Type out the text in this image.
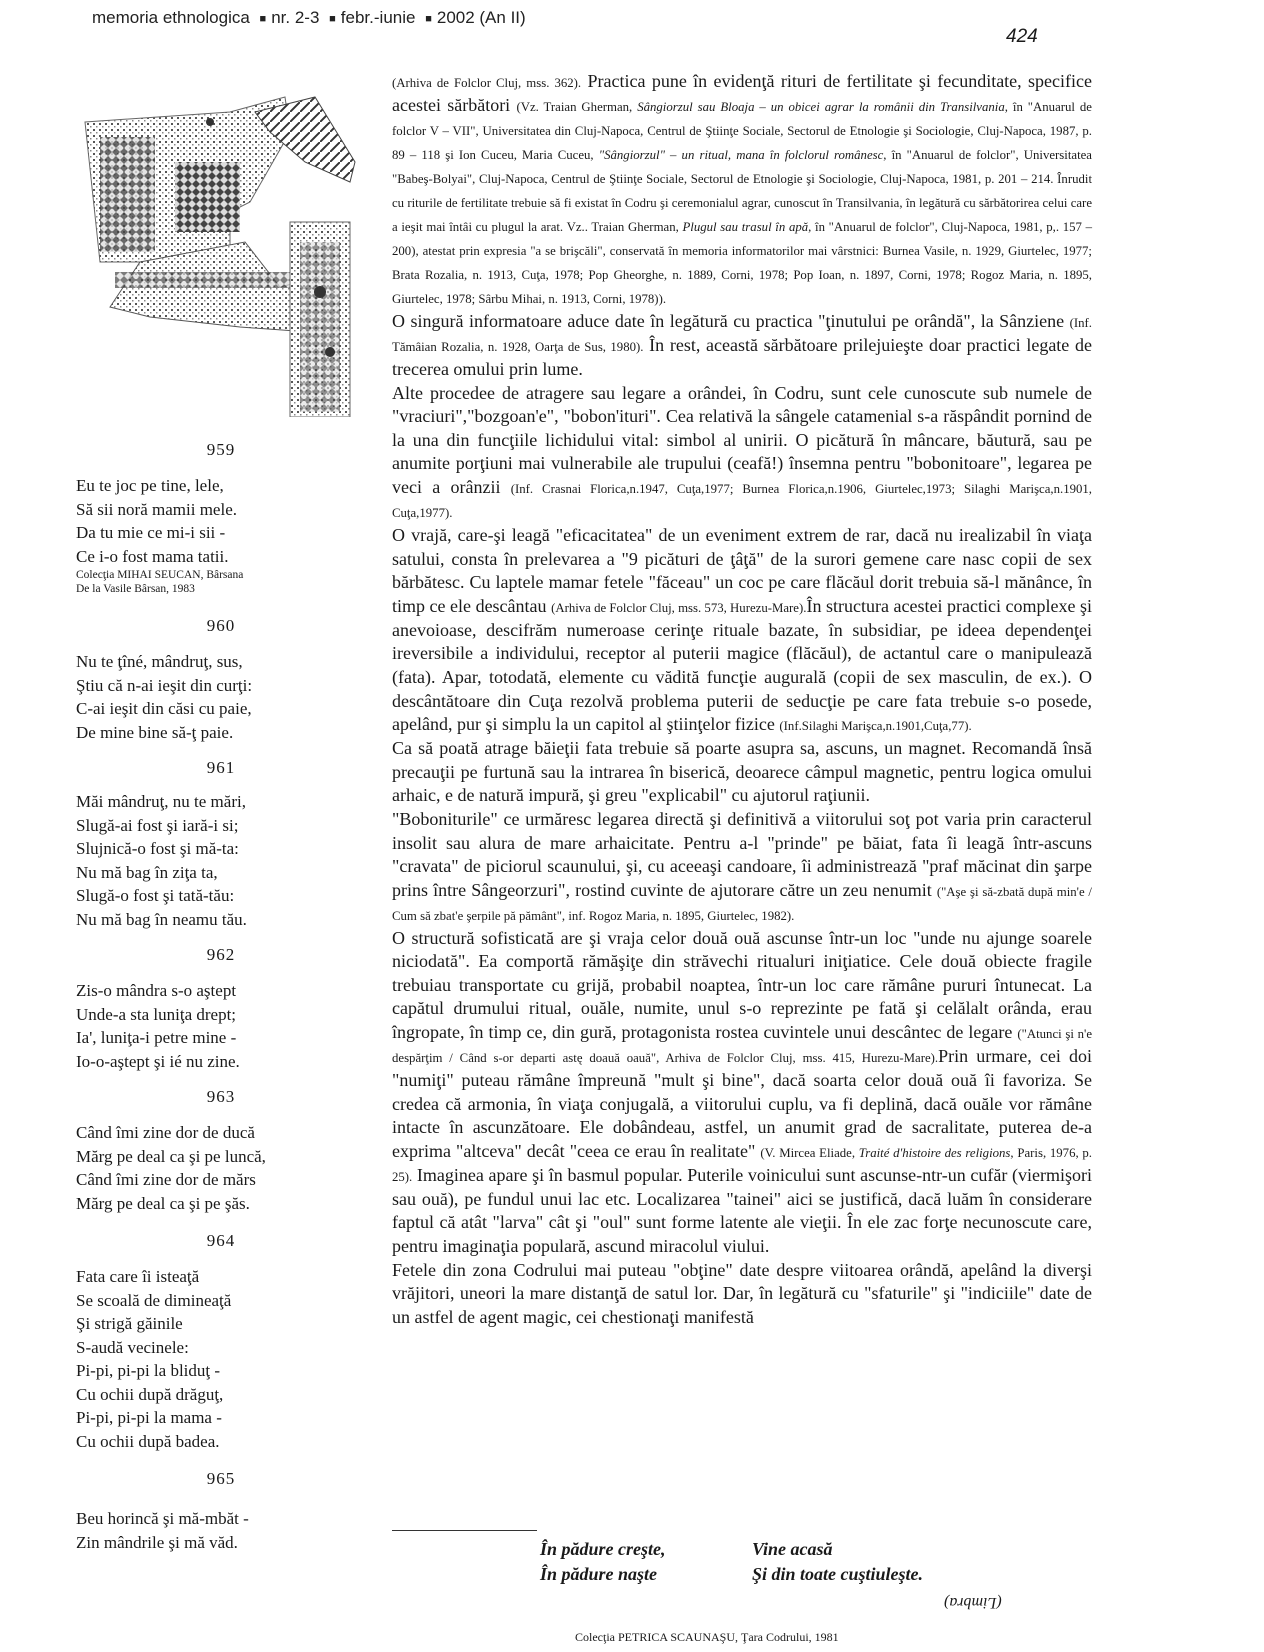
memoria ethnologica ■ nr. 2-3 ■ febr.-iunie ■ 2002 (An II)
424
959
Eu te joc pe tine, lele,
Să sii noră mamii mele.
Da tu mie ce mi-i sii -
Ce i-o fost mama tatii.
Colecţia MIHAI SEUCAN, Bârsana
De la Vasile Bârsan, 1983
960
Nu te ţîné, mândruţ, sus,
Ştiu că n-ai ieşit din curţi:
C-ai ieşit din căsi cu paie,
De mine bine să-ţ paie.
961
Măi mândruţ, nu te mări,
Slugă-ai fost şi iară-i si;
Slujnică-o fost şi mă-ta:
Nu mă bag în ziţa ta,
Slugă-o fost şi tată-tău:
Nu mă bag în neamu tău.
962
Zis-o mândra s-o aştept
Unde-a sta luniţa drept;
Ia', luniţa-i petre mine -
Io-o-aştept şi ié nu zine.
963
Când îmi zine dor de ducă
Mărg pe deal ca şi pe luncă,
Când îmi zine dor de mărs
Mărg pe deal ca şi pe şăs.
964
Fata care îi isteaţă
Se scoală de dimineaţă
Şi strigă găinile
S-audă vecinele:
Pi-pi, pi-pi la bliduţ -
Cu ochii după drăguţ,
Pi-pi, pi-pi la mama -
Cu ochii după badea.
965
Beu horincă şi mă-mbăt -
Zin mândrile şi mă văd.

(Arhiva de Folclor Cluj, mss. 362). Practica pune în evidenţă rituri de fertilitate şi fecunditate, specifice acestei sărbători (Vz. Traian Gherman, Sângiorzul sau Bloaja – un obicei agrar la românii din Transilvania, în "Anuarul de folclor V – VII", Universitatea din Cluj-Napoca, Centrul de Ştiinţe Sociale, Sectorul de Etnologie şi Sociologie, Cluj-Napoca, 1987, p. 89 – 118 şi Ion Cuceu, Maria Cuceu, "Sângiorzul" – un ritual, mana în folclorul românesc, în "Anuarul de folclor", Universitatea "Babeş-Bolyai", Cluj-Napoca, Centrul de Ştiinţe Sociale, Sectorul de Etnologie şi Sociologie, Cluj-Napoca, 1981, p. 201 – 214. Înrudit cu riturile de fertilitate trebuie să fi existat în Codru şi ceremonialul agrar, cunoscut în Transilvania, în legătură cu sărbătorirea celui care a ieşit mai întâi cu plugul la arat. Vz.. Traian Gherman, Plugul sau trasul în apă, în "Anuarul de folclor", Cluj-Napoca, 1981, p,. 157 – 200), atestat prin expresia "a se brişcăli", conservată în memoria informatorilor mai vârstnici: Burnea Vasile, n. 1929, Giurtelec, 1977; Brata Rozalia, n. 1913, Cuţa, 1978; Pop Gheorghe, n. 1889, Corni, 1978; Pop Ioan, n. 1897, Corni, 1978; Rogoz Maria, n. 1895, Giurtelec, 1978; Sârbu Mihai, n. 1913, Corni, 1978)).

O singură informatoare aduce date în legătură cu practica "ţinutului pe orândă", la Sânziene (Inf. Tămâian Rozalia, n. 1928, Oarţa de Sus, 1980). În rest, această sărbătoare prilejuieşte doar practici legate de trecerea omului prin lume.

Alte procedee de atragere sau legare a orândei, în Codru, sunt cele cunoscute sub numele de "vraciuri","bozgoan'e", "bobon'ituri". Cea relativă la sângele catamenial s-a răspândit pornind de la una din funcţiile lichidului vital: simbol al unirii. O picătură în mâncare, băutură, sau pe anumite porţiuni mai vulnerabile ale trupului (ceafă!) însemna pentru "bobonitoare", legarea pe veci a orânzii (Inf. Crasnai Florica,n.1947, Cuţa,1977; Burnea Florica,n.1906, Giurtelec,1973; Silaghi Marişca,n.1901, Cuţa,1977).

O vrajă, care-şi leagă "eficacitatea" de un eveniment extrem de rar, dacă nu irealizabil în viaţa satului, consta în prelevarea a "9 picături de ţâţă" de la surori gemene care nasc copii de sex bărbătesc. Cu laptele mamar fetele "făceau" un coc pe care flăcăul dorit trebuia să-l mănânce, în timp ce ele descântau (Arhiva de Folclor Cluj, mss. 573, Hurezu-Mare).În structura acestei practici complexe şi anevoioase, descifrăm numeroase cerinţe rituale bazate, în subsidiar, pe ideea dependenţei ireversibile a individului, receptor al puterii magice (flăcăul), de actantul care o manipulează (fata). Apar, totodată, elemente cu vădită funcţie augurală (copii de sex masculin, de ex.). O descântătoare din Cuţa rezolvă problema puterii de seducţie pe care fata trebuie s-o posede, apelând, pur şi simplu la un capitol al ştiinţelor fizice (Inf.Silaghi Marişca,n.1901,Cuţa,77).

Ca să poată atrage băieţii fata trebuie să poarte asupra sa, ascuns, un magnet. Recomandă însă precauţii pe furtună sau la intrarea în biserică, deoarece câmpul magnetic, pentru logica omului arhaic, e de natură impură, şi greu "explicabil" cu ajutorul raţiunii.

"Boboniturile" ce urmăresc legarea directă şi definitivă a viitorului soţ pot varia prin caracterul insolit sau alura de mare arhaicitate. Pentru a-l "prinde" pe băiat, fata îi leagă într-ascuns "cravata" de piciorul scaunului, şi, cu aceeaşi candoare, îi administrează "praf măcinat din şarpe prins între Sângeorzuri", rostind cuvinte de ajutorare către un zeu nenumit ("Aşe şi să-zbată după min'e / Cum să zbat'e şerpile pă pământ", inf. Rogoz Maria, n. 1895, Giurtelec, 1982).

O structură sofisticată are şi vraja celor două ouă ascunse într-un loc "unde nu ajunge soarele niciodată". Ea comportă rămăşiţe din străvechi ritualuri iniţiatice. Cele două obiecte fragile trebuiau transportate cu grijă, probabil noaptea, într-un loc care rămâne pururi întunecat. La capătul drumului ritual, ouăle, numite, unul s-o reprezinte pe fată şi celălalt orânda, erau îngropate, în timp ce, din gură, protagonista rostea cuvintele unui descântec de legare ("Atunci şi n'e despărţim / Când s-or departi astę doauă oauă", Arhiva de Folclor Cluj, mss. 415, Hurezu-Mare).Prin urmare, cei doi "numiţi" puteau rămâne împreună "mult şi bine", dacă soarta celor două ouă îi favoriza. Se credea că armonia, în viaţa conjugală, a viitorului cuplu, va fi deplină, dacă ouăle vor rămâne intacte în ascunzătoare. Ele dobândeau, astfel, un anumit grad de sacralitate, puterea de-a exprima "altceva" decât "ceea ce erau în realitate" (V. Mircea Eliade, Traité d'histoire des religions, Paris, 1976, p. 25). Imaginea apare şi în basmul popular. Puterile voinicului sunt ascunse-ntr-un cufăr (viermişori sau ouă), pe fundul unui lac etc. Localizarea "tainei" aici se justifică, dacă luăm în considerare faptul că atât "larva" cât şi "oul" sunt forme latente ale vieţii. În ele zac forţe necunoscute care, pentru imaginaţia populară, ascund miracolul viului.

Fetele din zona Codrului mai puteau "obţine" date despre viitoarea orândă, apelând la diverşi vrăjitori, uneori la mare distanţă de satul lor. Dar, în legătură cu "sfaturile" şi "indiciile" date de un astfel de agent magic, cei chestionaţi manifestă

În pădure creşte,
În pădure naşte
Vine acasă
Şi din toate cuştiuleşte.
(Limbra)
Colecţia PETRICA SCAUNAŞU, Ţara Codrului, 1981
